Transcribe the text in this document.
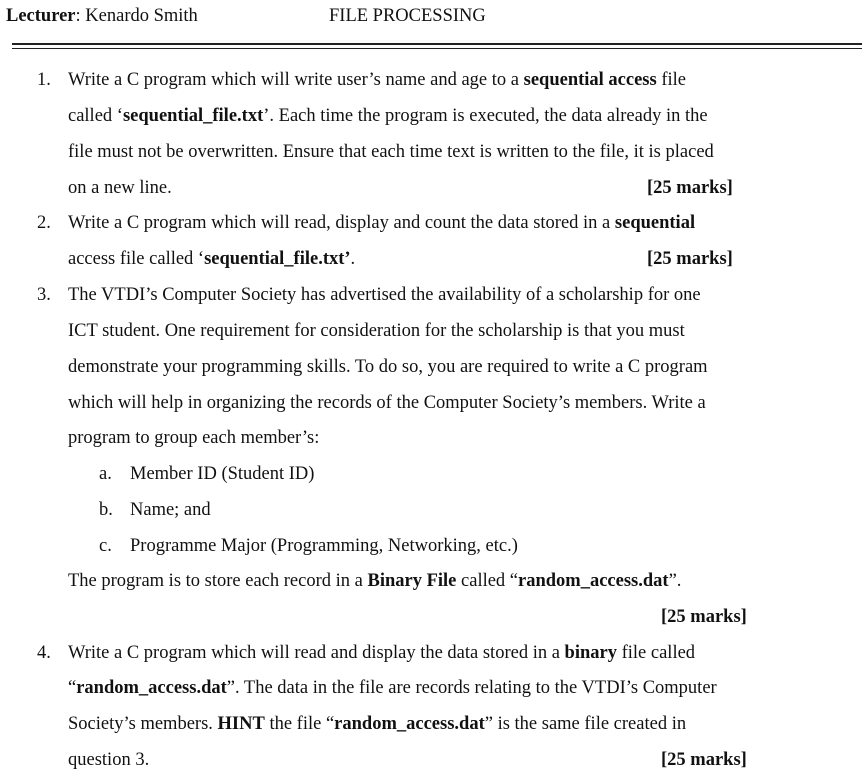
Lecturer: Kenardo Smith	FILE PROCESSING
1. Write a C program which will write user’s name and age to a sequential access file
called ‘sequential_file.txt’. Each time the program is executed, the data already in the
file must not be overwritten. Ensure that each time text is written to the file, it is placed
on a new line.	[25 marks]
2. Write a C program which will read, display and count the data stored in a sequential
access file called ‘sequential_file.txt’.	[25 marks]
3. The VTDI’s Computer Society has advertised the availability of a scholarship for one
ICT student. One requirement for consideration for the scholarship is that you must
demonstrate your programming skills. To do so, you are required to write a C program
which will help in organizing the records of the Computer Society’s members. Write a
program to group each member’s:
a. Member ID (Student ID)
b. Name; and
c. Programme Major (Programming, Networking, etc.)
The program is to store each record in a Binary File called “random_access.dat”.
[25 marks]
4. Write a C program which will read and display the data stored in a binary file called
“random_access.dat”. The data in the file are records relating to the VTDI’s Computer
Society’s members. HINT the file “random_access.dat” is the same file created in
question 3.	[25 marks]
